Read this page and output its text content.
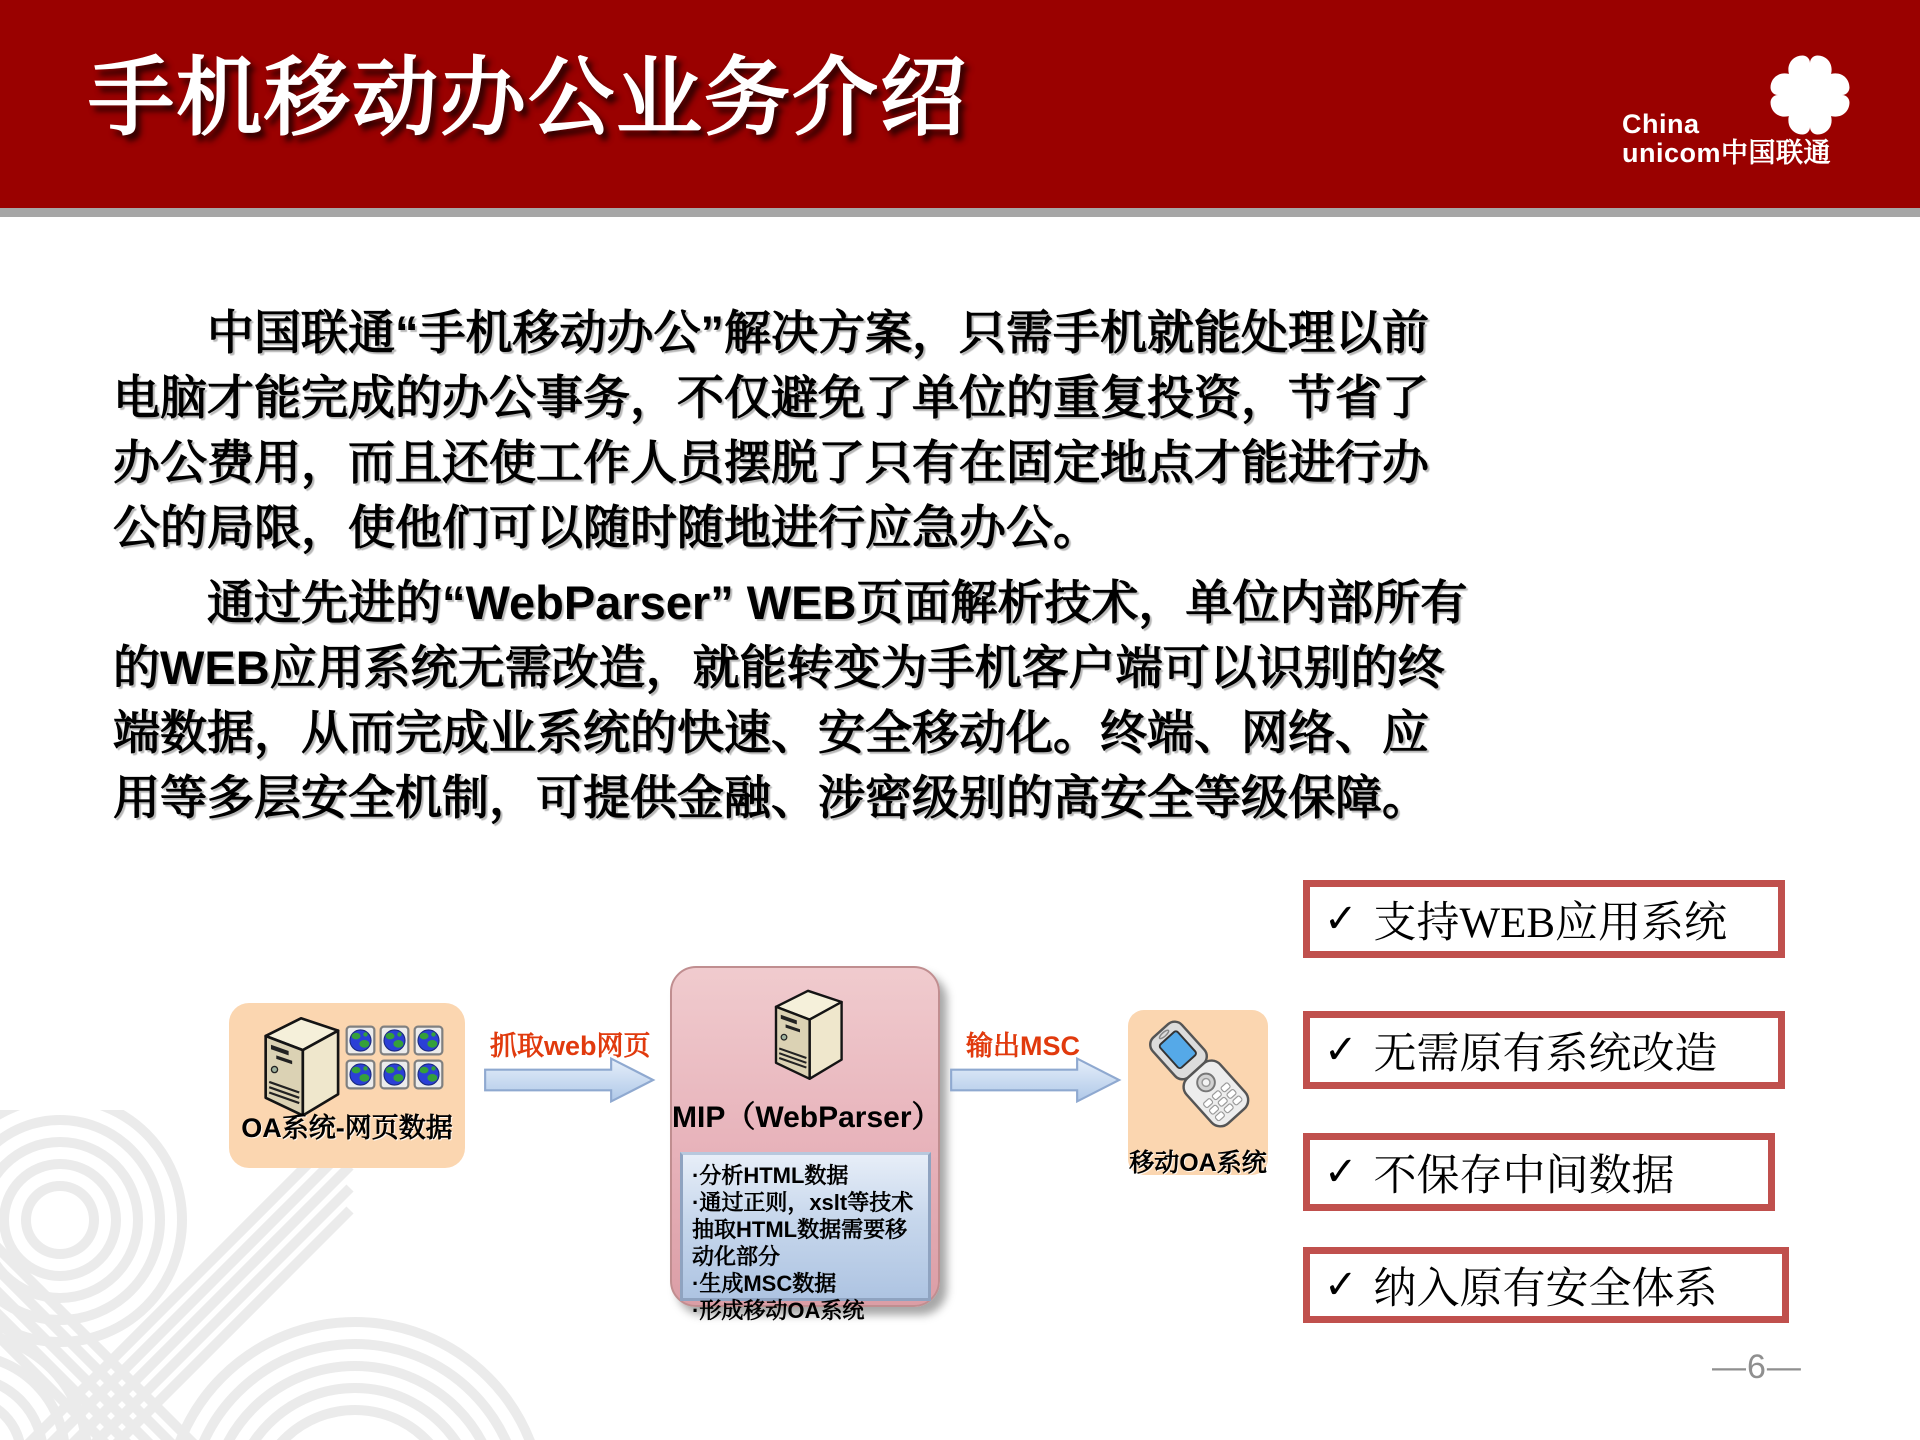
手机移动办公业务介绍	China
unicom中国联通

中国联通“手机移动办公”解决方案，只需手机就能处理以前电脑才能完成的办公事务，不仅避免了单位的重复投资，节省了办公费用，而且还使工作人员摆脱了只有在固定地点才能进行办公的局限，使他们可以随时随地进行应急办公。

通过先进的“WebParser” WEB页面解析技术，单位内部所有的WEB应用系统无需改造，就能转变为手机客户端可以识别的终端数据，从而完成业系统的快速、安全移动化。终端、网络、应用等多层安全机制，可提供金融、涉密级别的高安全等级保障。

OA系统-网页数据
抓取web网页
MIP（WebParser）
·分析HTML数据
·通过正则，xslt等技术抽取HTML数据需要移动化部分
·生成MSC数据
·形成移动OA系统
输出MSC
移动OA系统
✓ 支持WEB应用系统
✓ 无需原有系统改造
✓ 不保存中间数据
✓ 纳入原有安全体系
—6—
